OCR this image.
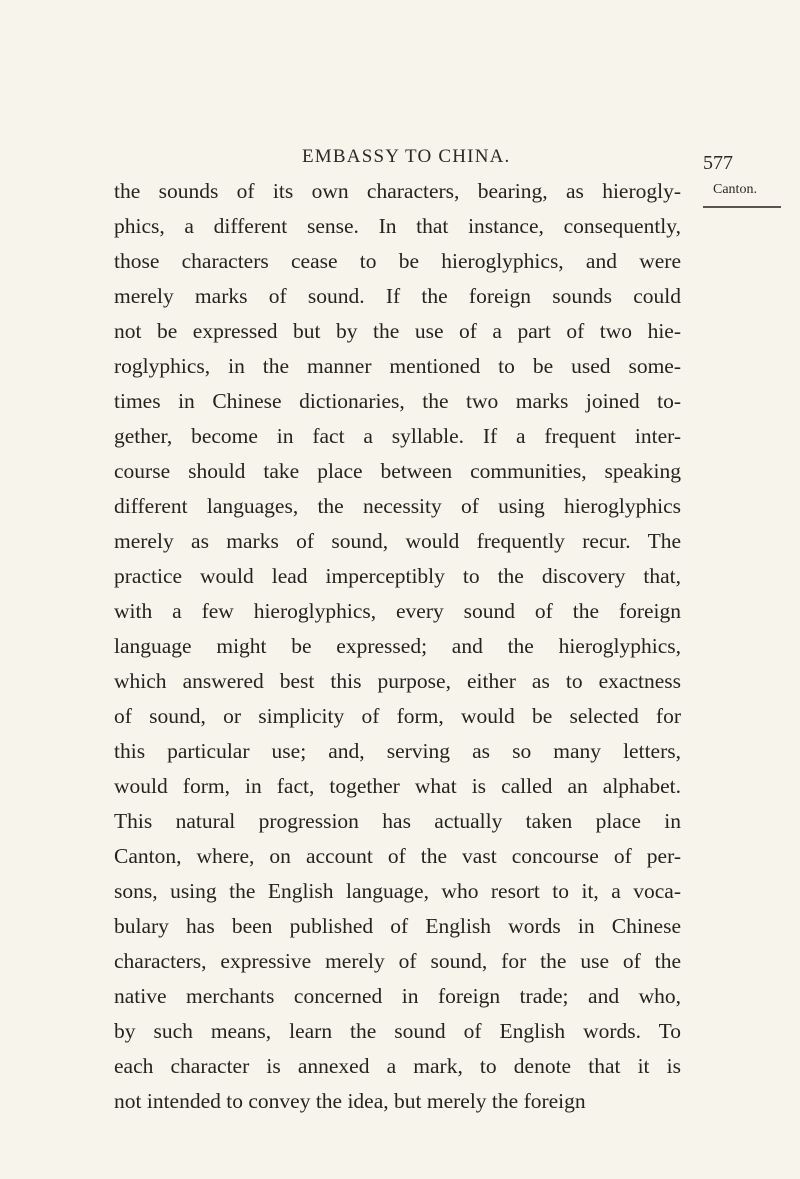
EMBASSY TO CHINA.	577
Canton.
the sounds of its own characters, bearing, as hierogly-
phics, a different sense. In that instance, consequently,
those characters cease to be hieroglyphics, and were
merely marks of sound. If the foreign sounds could
not be expressed but by the use of a part of two hie-
roglyphics, in the manner mentioned to be used some-
times in Chinese dictionaries, the two marks joined to-
gether, become in fact a syllable. If a frequent inter-
course should take place between communities, speaking
different languages, the necessity of using hieroglyphics
merely as marks of sound, would frequently recur. The
practice would lead imperceptibly to the discovery that,
with a few hieroglyphics, every sound of the foreign
language might be expressed; and the hieroglyphics,
which answered best this purpose, either as to exactness
of sound, or simplicity of form, would be selected for
this particular use; and, serving as so many letters,
would form, in fact, together what is called an alphabet.
This natural progression has actually taken place in
Canton, where, on account of the vast concourse of per-
sons, using the English language, who resort to it, a voca-
bulary has been published of English words in Chinese
characters, expressive merely of sound, for the use of the
native merchants concerned in foreign trade; and who,
by such means, learn the sound of English words. To
each character is annexed a mark, to denote that it is
not intended to convey the idea, but merely the foreign
